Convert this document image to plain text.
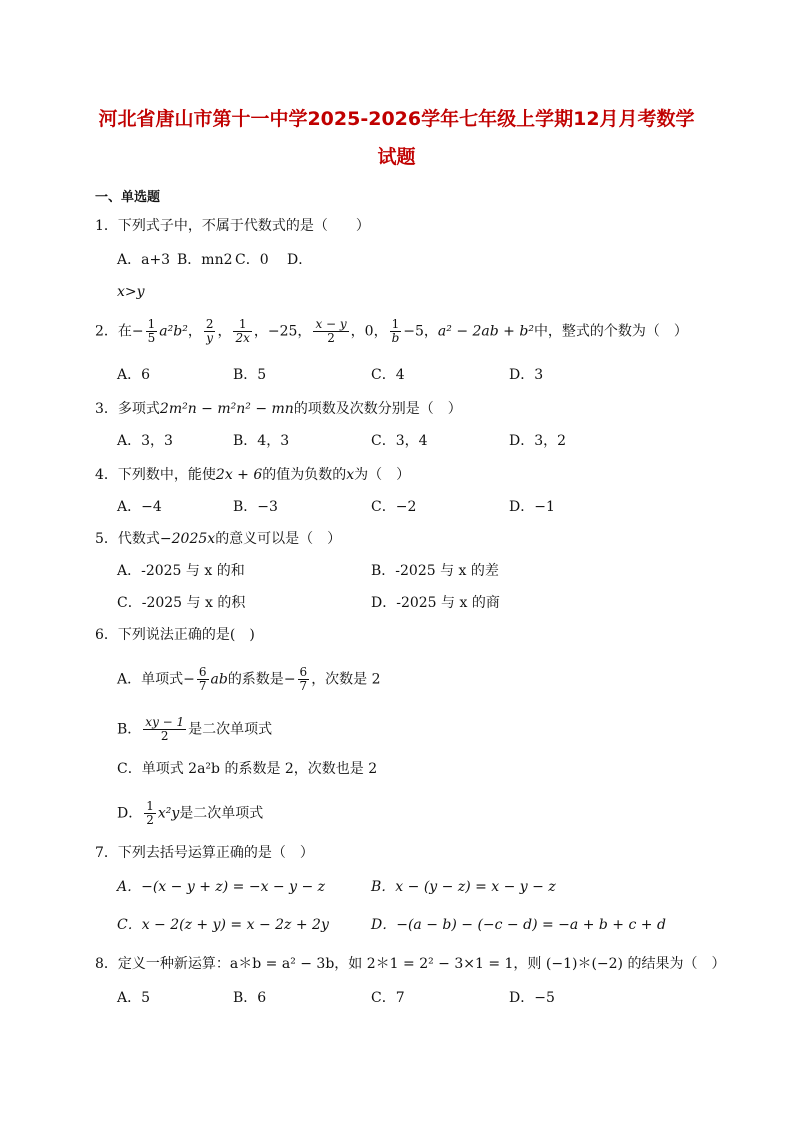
河北省唐山市第十一中学2025-2026学年七年级上学期12月月考数学
试题
一、单选题
1．下列式子中，不属于代数式的是（　　）
A．a+3 B．mn2 C．0 D．
x>y
2．在− $\frac{1}{5} a^2b^2$， $\frac{2}{y}$ ， $\frac{1}{2x}$ ，−25， $\frac{x - y}{2}$ ，0， $\frac{1}{b} -5$，a² − 2ab + b²中，整式的个数为（　）
A．6	B．5	C．4	D．3
3．多项式2m²n − m²n² − mn的项数及次数分别是（　）
A．3，3	B．4，3	C．3，4	D．3，2
4．下列数中，能使2x + 6的值为负数的x为（　）
A．−4	B．−3	C．−2	D．−1
5．代数式−2025x的意义可以是（　）
A．-2025 与 x 的和	B．-2025 与 x 的差
C．-2025 与 x 的积	D．-2025 与 x 的商
6．下列说法正确的是(　)
A．单项式− $\frac{6}{7}$ ab的系数是− $\frac{6}{7}$ ，次数是 2
B． $\frac{xy - 1}{2}$ 是二次单项式
C．单项式 2a²b 的系数是 2，次数也是 2
D． $\frac{1}{2} x^2y$是二次单项式
7．下列去括号运算正确的是（　）
A．−(x − y + z) = −x − y − z	B．x − (y − z) = x − y − z
C．x − 2(z + y) = x − 2z + 2y	D．−(a − b) − (−c − d) = −a + b + c + d
8．定义一种新运算：a＊b = a² − 3b，如 2＊1 = 2² − 3×1 = 1，则 (−1)＊(−2) 的结果为（　）
A．5	B．6	C．7	D．−5
